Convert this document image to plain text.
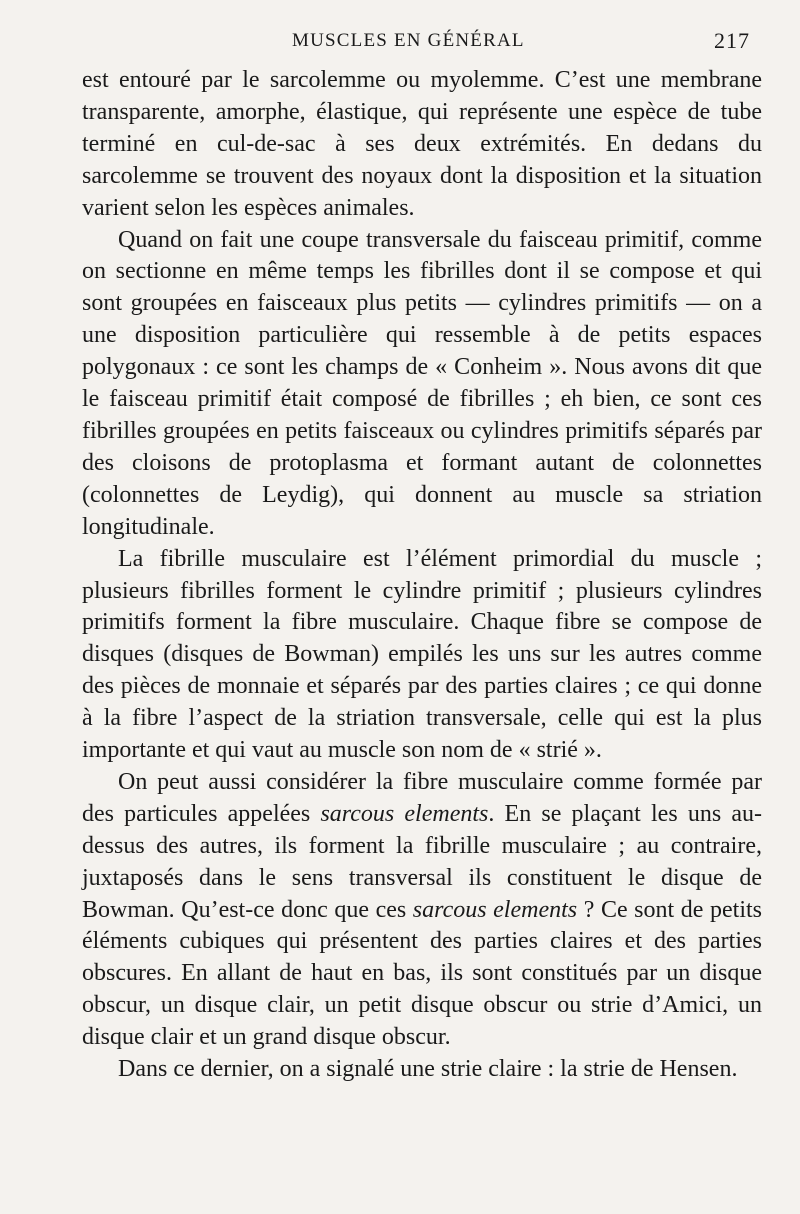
MUSCLES EN GÉNÉRAL	217

est entouré par le sarcolemme ou myolemme. C’est une membrane transparente, amorphe, élastique, qui représente une espèce de tube terminé en cul-de-sac à ses deux extrémités. En dedans du sarcolemme se trouvent des noyaux dont la disposition et la situation varient selon les espèces animales.

Quand on fait une coupe transversale du faisceau primitif, comme on sectionne en même temps les fibrilles dont il se compose et qui sont groupées en faisceaux plus petits — cylindres primitifs — on a une disposition particulière qui ressemble à de petits espaces polygonaux : ce sont les champs de « Conheim ». Nous avons dit que le faisceau primitif était composé de fibrilles ; eh bien, ce sont ces fibrilles groupées en petits faisceaux ou cylindres primitifs séparés par des cloisons de protoplasma et formant autant de colonnettes (colonnettes de Leydig), qui donnent au muscle sa striation longitudinale.

La fibrille musculaire est l’élément primordial du muscle ; plusieurs fibrilles forment le cylindre primitif ; plusieurs cylindres primitifs forment la fibre musculaire. Chaque fibre se compose de disques (disques de Bowman) empilés les uns sur les autres comme des pièces de monnaie et séparés par des parties claires ; ce qui donne à la fibre l’aspect de la striation transversale, celle qui est la plus importante et qui vaut au muscle son nom de « strié ».

On peut aussi considérer la fibre musculaire comme formée par des particules appelées sarcous elements. En se plaçant les uns au-dessus des autres, ils forment la fibrille musculaire ; au contraire, juxtaposés dans le sens transversal ils constituent le disque de Bowman. Qu’est-ce donc que ces sarcous elements ? Ce sont de petits éléments cubiques qui présentent des parties claires et des parties obscures. En allant de haut en bas, ils sont constitués par un disque obscur, un disque clair, un petit disque obscur ou strie d’Amici, un disque clair et un grand disque obscur.

Dans ce dernier, on a signalé une strie claire : la strie de Hensen.
